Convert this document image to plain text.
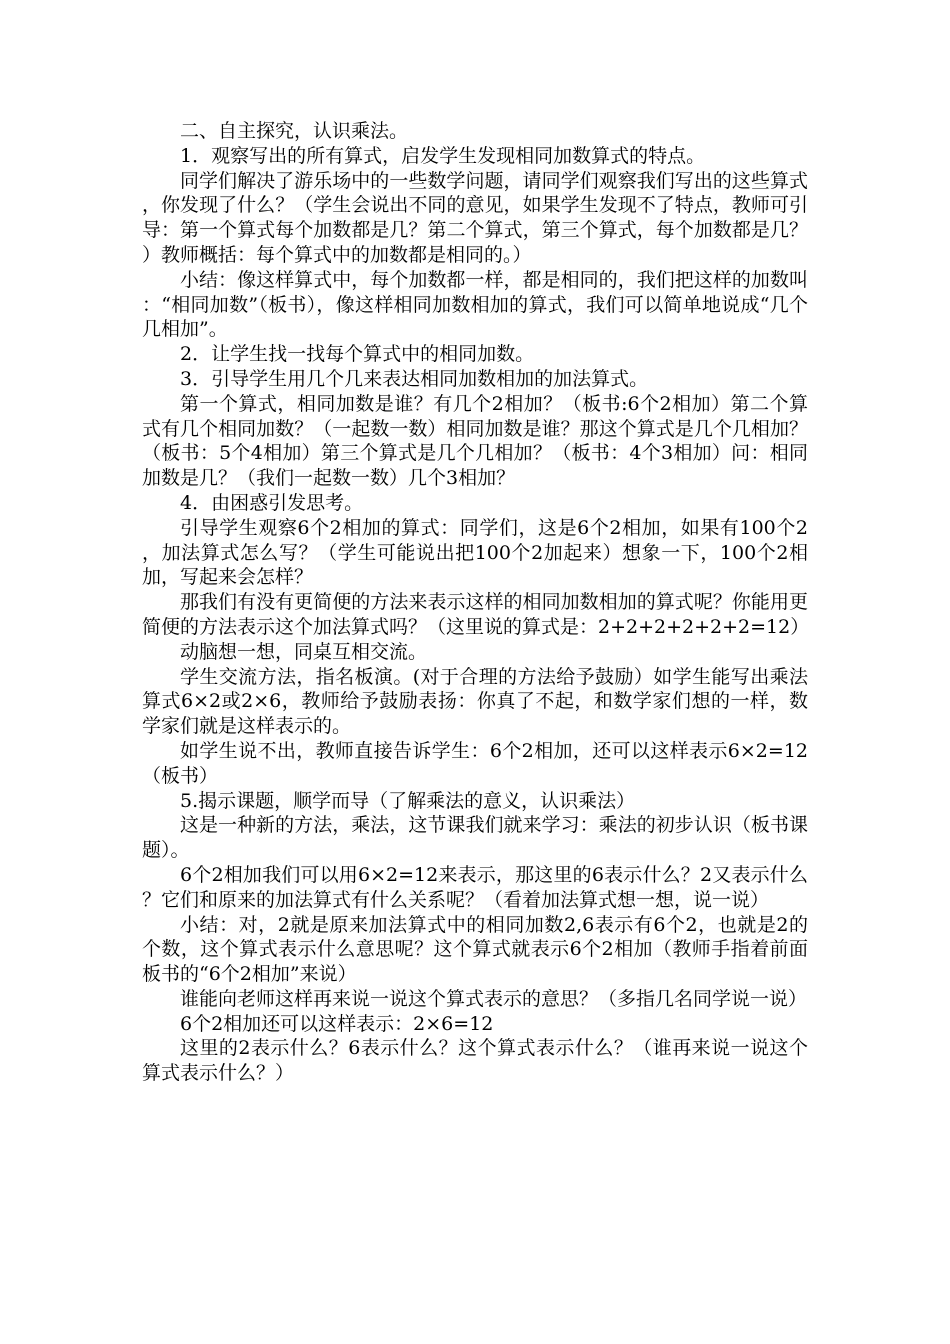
二、自主探究，认识乘法。

1．观察写出的所有算式，启发学生发现相同加数算式的特点。

同学们解决了游乐场中的一些数学问题，请同学们观察我们写出的这些算式，你发现了什么？（学生会说出不同的意见，如果学生发现不了特点，教师可引导：第一个算式每个加数都是几？第二个算式，第三个算式，每个加数都是几？）教师概括：每个算式中的加数都是相同的。）

小结：像这样算式中，每个加数都一样，都是相同的，我们把这样的加数叫：“相同加数”（板书），像这样相同加数相加的算式，我们可以简单地说成“几个几相加”。

2．让学生找一找每个算式中的相同加数。

3．引导学生用几个几来表达相同加数相加的加法算式。

第一个算式，相同加数是谁？有几个2相加？（板书:6个2相加）第二个算式有几个相同加数？（一起数一数）相同加数是谁？那这个算式是几个几相加？（板书：5个4相加）第三个算式是几个几相加？（板书：4个3相加）问：相同加数是几？（我们一起数一数）几个3相加？

4．由困惑引发思考。

引导学生观察6个2相加的算式：同学们，这是6个2相加，如果有100个2，加法算式怎么写？（学生可能说出把100个2加起来）想象一下，100个2相加，写起来会怎样？

那我们有没有更简便的方法来表示这样的相同加数相加的算式呢？你能用更简便的方法表示这个加法算式吗？（这里说的算式是：2+2+2+2+2+2=12）

动脑想一想，同桌互相交流。

学生交流方法，指名板演。(对于合理的方法给予鼓励）如学生能写出乘法算式6×2或2×6，教师给予鼓励表扬：你真了不起，和数学家们想的一样，数学家们就是这样表示的。

如学生说不出，教师直接告诉学生：6个2相加，还可以这样表示6×2=12（板书）

5.揭示课题，顺学而导（了解乘法的意义，认识乘法）

这是一种新的方法，乘法，这节课我们就来学习：乘法的初步认识（板书课题）。

6个2相加我们可以用6×2=12来表示，那这里的6表示什么？2又表示什么？它们和原来的加法算式有什么关系呢？（看着加法算式想一想，说一说）

小结：对，2就是原来加法算式中的相同加数2,6表示有6个2，也就是2的个数，这个算式表示什么意思呢？这个算式就表示6个2相加（教师手指着前面板书的“6个2相加”来说）

谁能向老师这样再来说一说这个算式表示的意思？（多指几名同学说一说）

6个2相加还可以这样表示：2×6=12

这里的2表示什么？6表示什么？这个算式表示什么？（谁再来说一说这个算式表示什么？）
